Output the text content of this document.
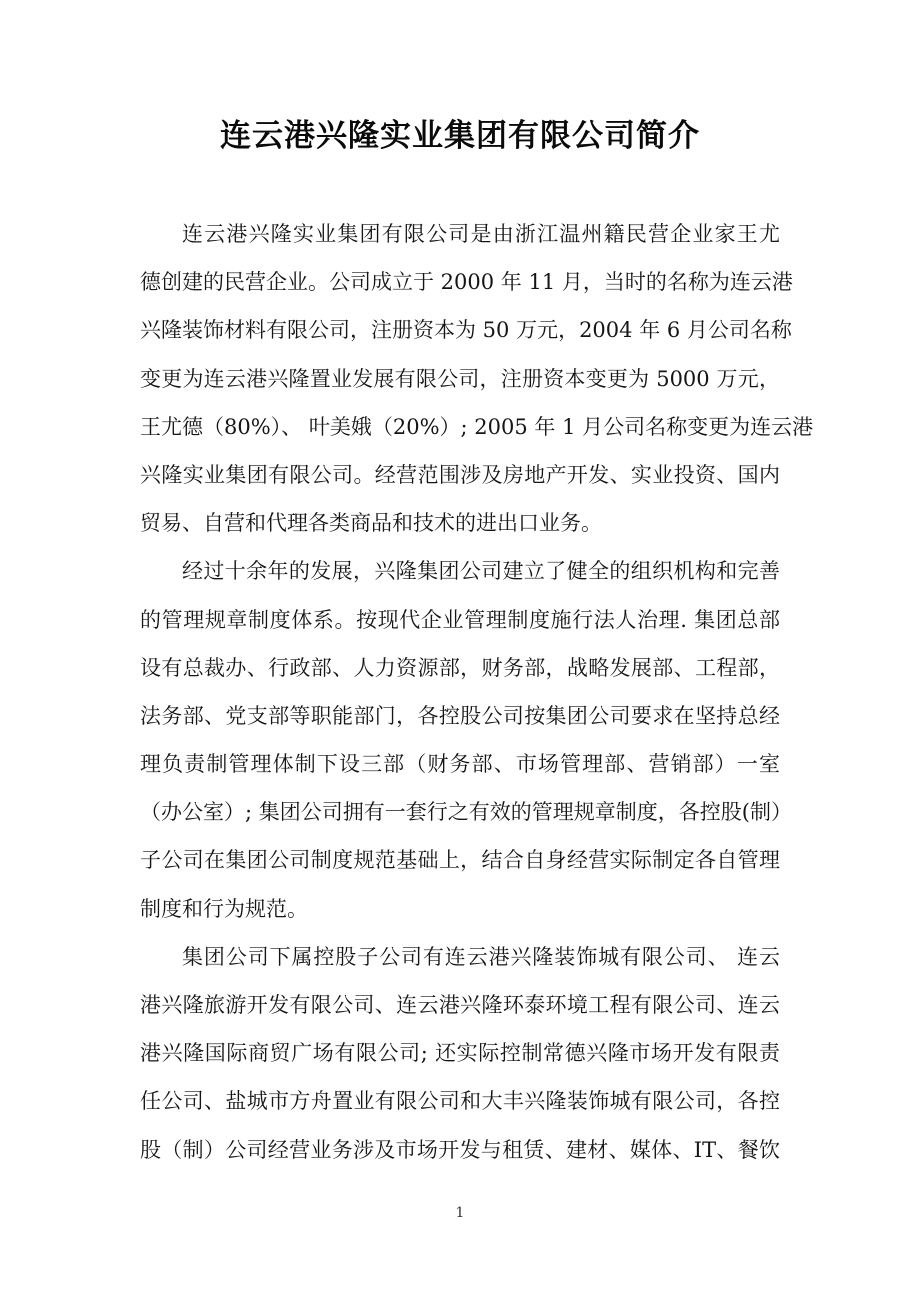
连云港兴隆实业集团有限公司简介
连云港兴隆实业集团有限公司是由浙江温州籍民营企业家王尤
德创建的民营企业。公司成立于 2000 年 11 月，当时的名称为连云港
兴隆装饰材料有限公司，注册资本为 50 万元，2004 年 6 月公司名称
变更为连云港兴隆置业发展有限公司，注册资本变更为 5000 万元，
王尤德（80%）、 叶美娥（20%）; 2005 年 1 月公司名称变更为连云港
兴隆实业集团有限公司。经营范围涉及房地产开发、实业投资、国内
贸易、自营和代理各类商品和技术的进出口业务。
经过十余年的发展，兴隆集团公司建立了健全的组织机构和完善
的管理规章制度体系。按现代企业管理制度施行法人治理. 集团总部
设有总裁办、行政部、人力资源部，财务部，战略发展部、工程部，
法务部、党支部等职能部门，各控股公司按集团公司要求在坚持总经
理负责制管理体制下设三部（财务部、市场管理部、营销部）一室
（办公室）; 集团公司拥有一套行之有效的管理规章制度，各控股(制）
子公司在集团公司制度规范基础上，结合自身经营实际制定各自管理
制度和行为规范。
集团公司下属控股子公司有连云港兴隆装饰城有限公司、 连云
港兴隆旅游开发有限公司、连云港兴隆环泰环境工程有限公司、连云
港兴隆国际商贸广场有限公司; 还实际控制常德兴隆市场开发有限责
任公司、盐城市方舟置业有限公司和大丰兴隆装饰城有限公司，各控
股（制）公司经营业务涉及市场开发与租赁、建材、媒体、IT、餐饮
1
